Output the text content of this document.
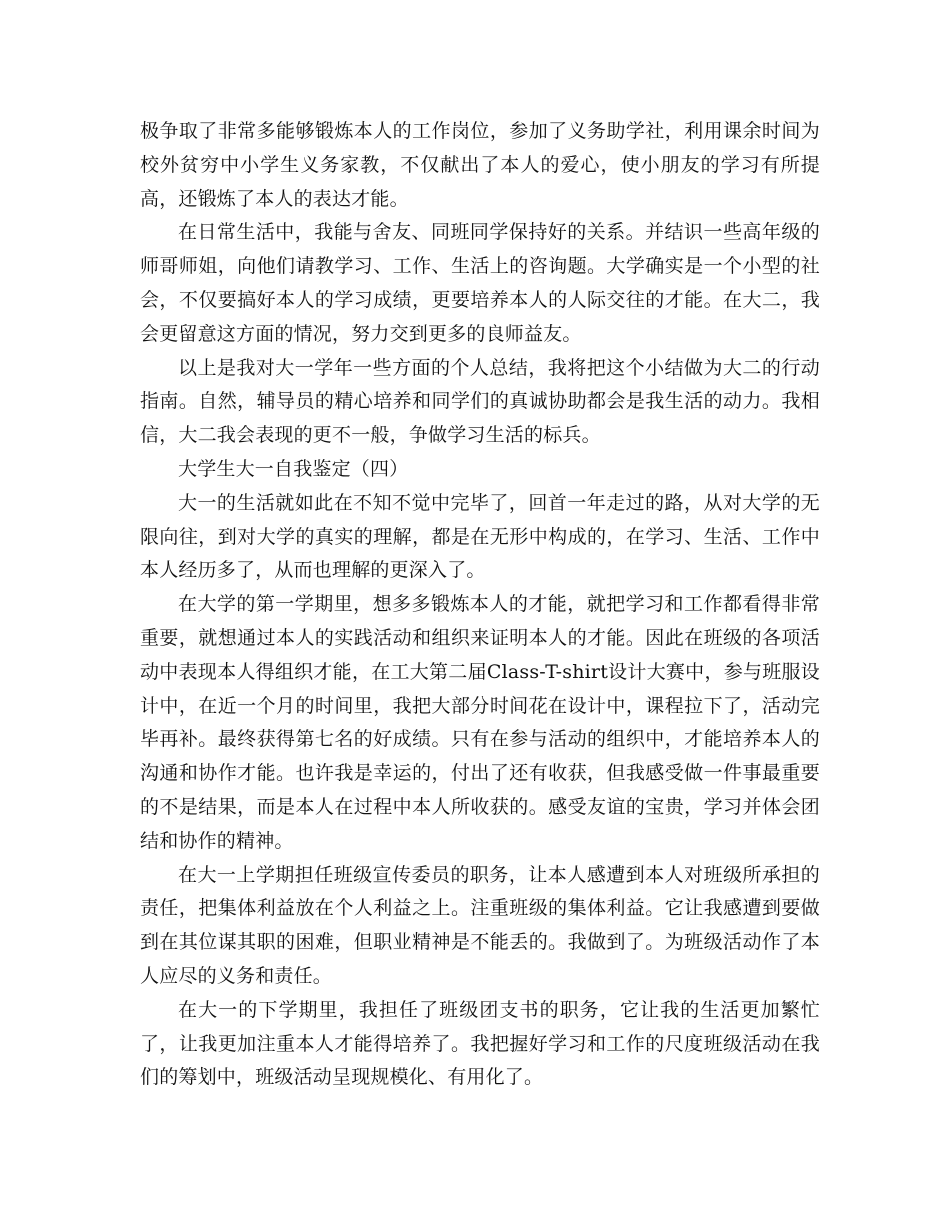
极争取了非常多能够锻炼本人的工作岗位，参加了义务助学社，利用课余时间为校外贫穷中小学生义务家教，不仅献出了本人的爱心，使小朋友的学习有所提高，还锻炼了本人的表达才能。

在日常生活中，我能与舍友、同班同学保持好的关系。并结识一些高年级的师哥师姐，向他们请教学习、工作、生活上的咨询题。大学确实是一个小型的社会，不仅要搞好本人的学习成绩，更要培养本人的人际交往的才能。在大二，我会更留意这方面的情况，努力交到更多的良师益友。

以上是我对大一学年一些方面的个人总结，我将把这个小结做为大二的行动指南。自然，辅导员的精心培养和同学们的真诚协助都会是我生活的动力。我相信，大二我会表现的更不一般，争做学习生活的标兵。

大学生大一自我鉴定（四）

大一的生活就如此在不知不觉中完毕了，回首一年走过的路，从对大学的无限向往，到对大学的真实的理解，都是在无形中构成的，在学习、生活、工作中本人经历多了，从而也理解的更深入了。

在大学的第一学期里，想多多锻炼本人的才能，就把学习和工作都看得非常重要，就想通过本人的实践活动和组织来证明本人的才能。因此在班级的各项活动中表现本人得组织才能，在工大第二届Class-T-shirt设计大赛中，参与班服设计中，在近一个月的时间里，我把大部分时间花在设计中，课程拉下了，活动完毕再补。最终获得第七名的好成绩。只有在参与活动的组织中，才能培养本人的沟通和协作才能。也许我是幸运的，付出了还有收获，但我感受做一件事最重要的不是结果，而是本人在过程中本人所收获的。感受友谊的宝贵，学习并体会团结和协作的精神。

在大一上学期担任班级宣传委员的职务，让本人感遭到本人对班级所承担的责任，把集体利益放在个人利益之上。注重班级的集体利益。它让我感遭到要做到在其位谋其职的困难，但职业精神是不能丢的。我做到了。为班级活动作了本人应尽的义务和责任。

在大一的下学期里，我担任了班级团支书的职务，它让我的生活更加繁忙了，让我更加注重本人才能得培养了。我把握好学习和工作的尺度班级活动在我们的筹划中，班级活动呈现规模化、有用化了。
